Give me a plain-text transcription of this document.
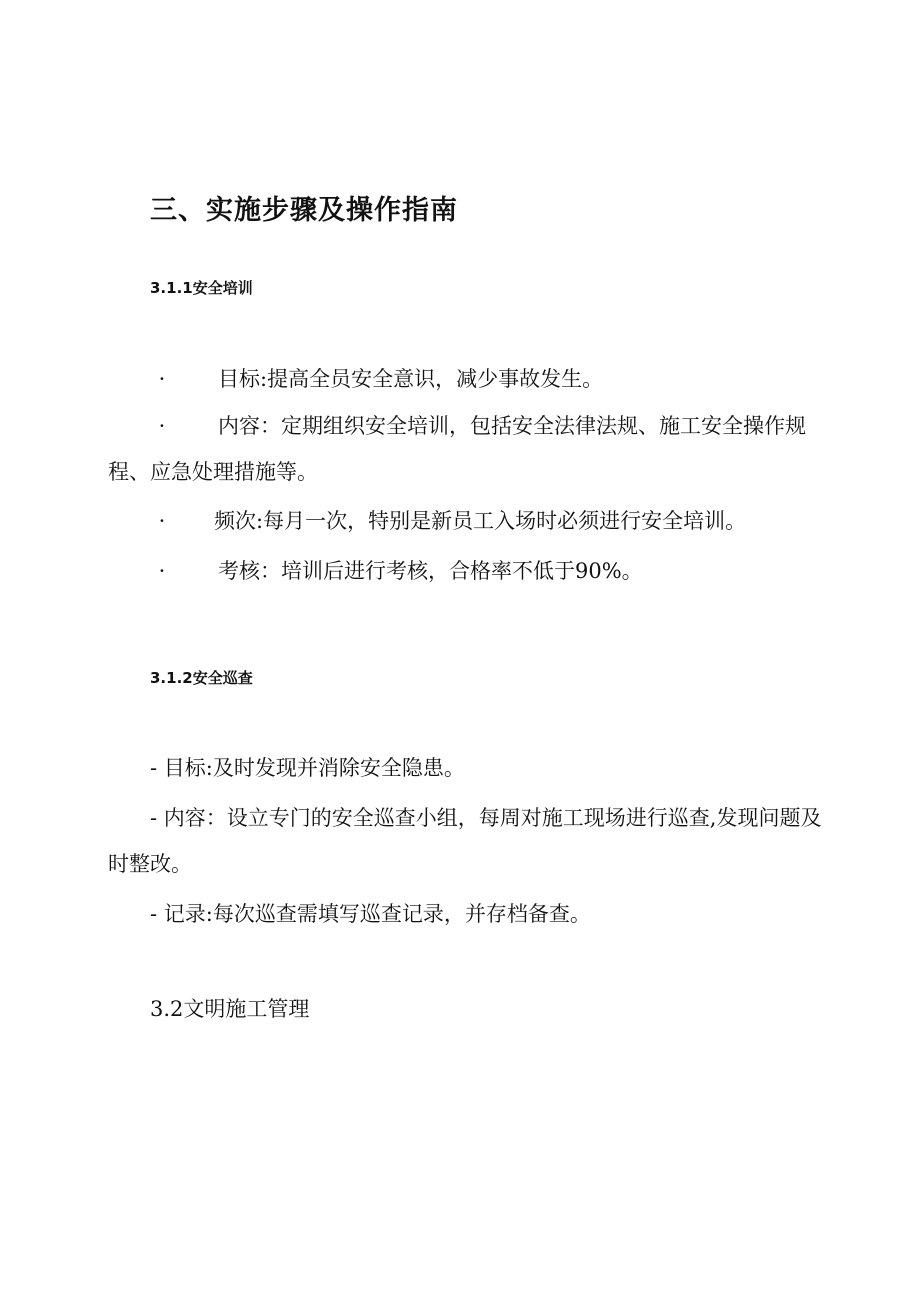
三、实施步骤及操作指南
3.1.1安全培训
·	目标:提高全员安全意识，减少事故发生。
·	内容：定期组织安全培训，包括安全法律法规、施工安全操作规程、应急处理措施等。
· 频次:每月一次，特别是新员工入场时必须进行安全培训。
·	考核：培训后进行考核，合格率不低于90%。
3.1.2安全巡查
- 目标:及时发现并消除安全隐患。
- 内容：设立专门的安全巡查小组，每周对施工现场进行巡查,发现问题及时整改。
- 记录:每次巡查需填写巡查记录，并存档备查。
3.2文明施工管理
